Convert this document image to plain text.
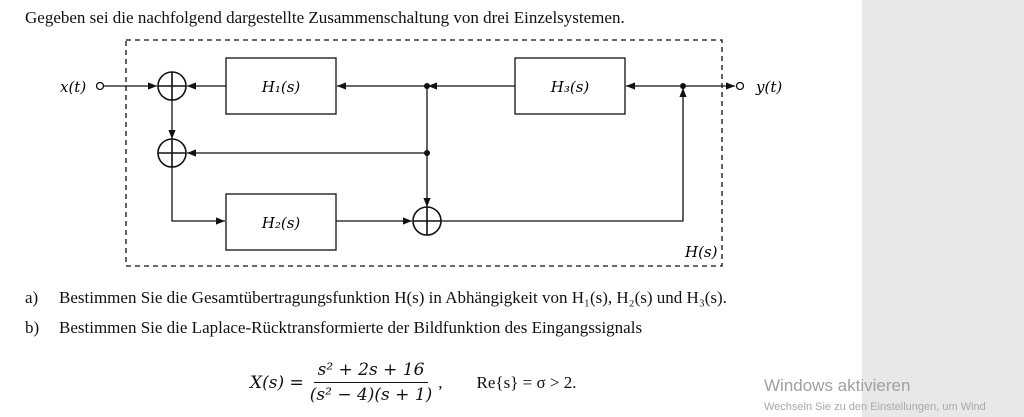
Gegeben sei die nachfolgend dargestellte Zusammenschaltung von drei Einzelsystemen.
H₁(s)	H₃(s)
H₂(s)
x(t)	y(t)
H(s)
a) Bestimmen Sie die Gesamtübertragungsfunktion H(s) in Abhängigkeit von H₁(s), H₂(s) und H₃(s).
b) Bestimmen Sie die Laplace-Rücktransformierte der Bildfunktion des Eingangssignals
$X(s) = \frac{\text{s² + 2s + 16}}{\text{(s² − 4)(s + 1)}}$ , Re{s} = σ > 2.	Windows aktivieren
Wechseln Sie zu den Einstellungen, um Wind
